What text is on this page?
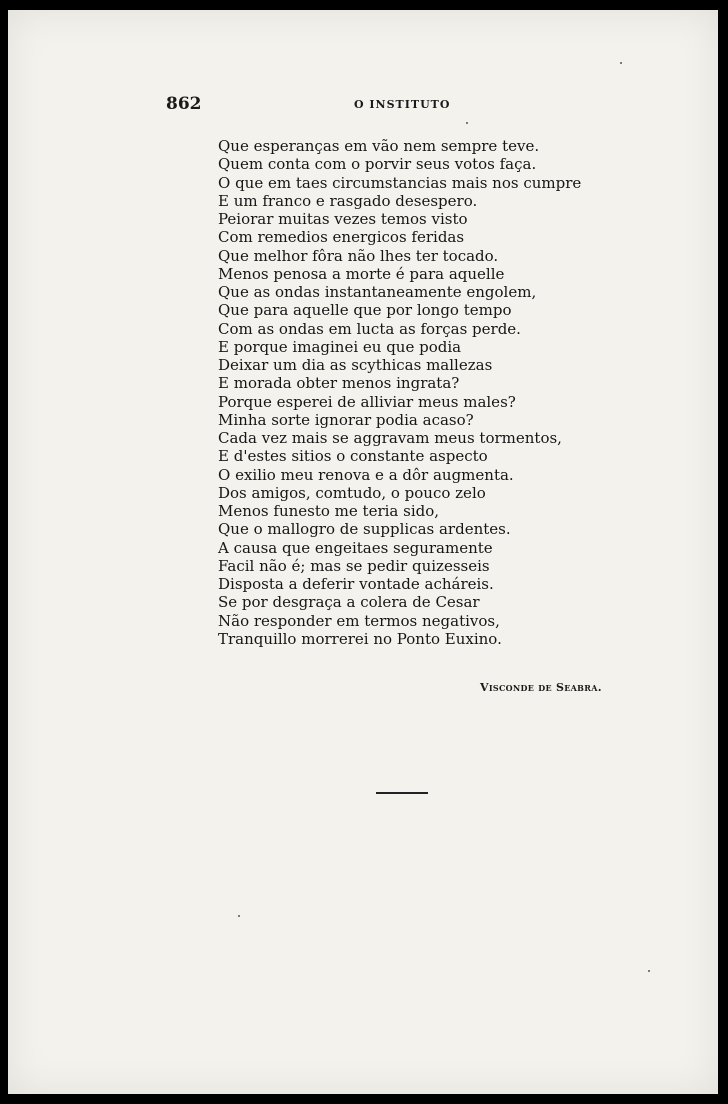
862	O INSTITUTO
Que esperanças em vão nem sempre teve.
Quem conta com o porvir seus votos faça.
O que em taes circumstancias mais nos cumpre
E um franco e rasgado desespero.
Peiorar muitas vezes temos visto
Com remedios energicos feridas
Que melhor fôra não lhes ter tocado.
Menos penosa a morte é para aquelle
Que as ondas instantaneamente engolem,
Que para aquelle que por longo tempo
Com as ondas em lucta as forças perde.
E porque imaginei eu que podia
Deixar um dia as scythicas mallezas
E morada obter menos ingrata?
Porque esperei de alliviar meus males?
Minha sorte ignorar podia acaso?
Cada vez mais se aggravam meus tormentos,
E d'estes sitios o constante aspecto
O exilio meu renova e a dôr augmenta.
Dos amigos, comtudo, o pouco zelo
Menos funesto me teria sido,
Que o mallogro de supplicas ardentes.
A causa que engeitaes seguramente
Facil não é; mas se pedir quizesseis
Disposta a deferir vontade acháreis.
Se por desgraça a colera de Cesar
Não responder em termos negativos,
Tranquillo morrerei no Ponto Euxino.
Visconde de Seabra.
